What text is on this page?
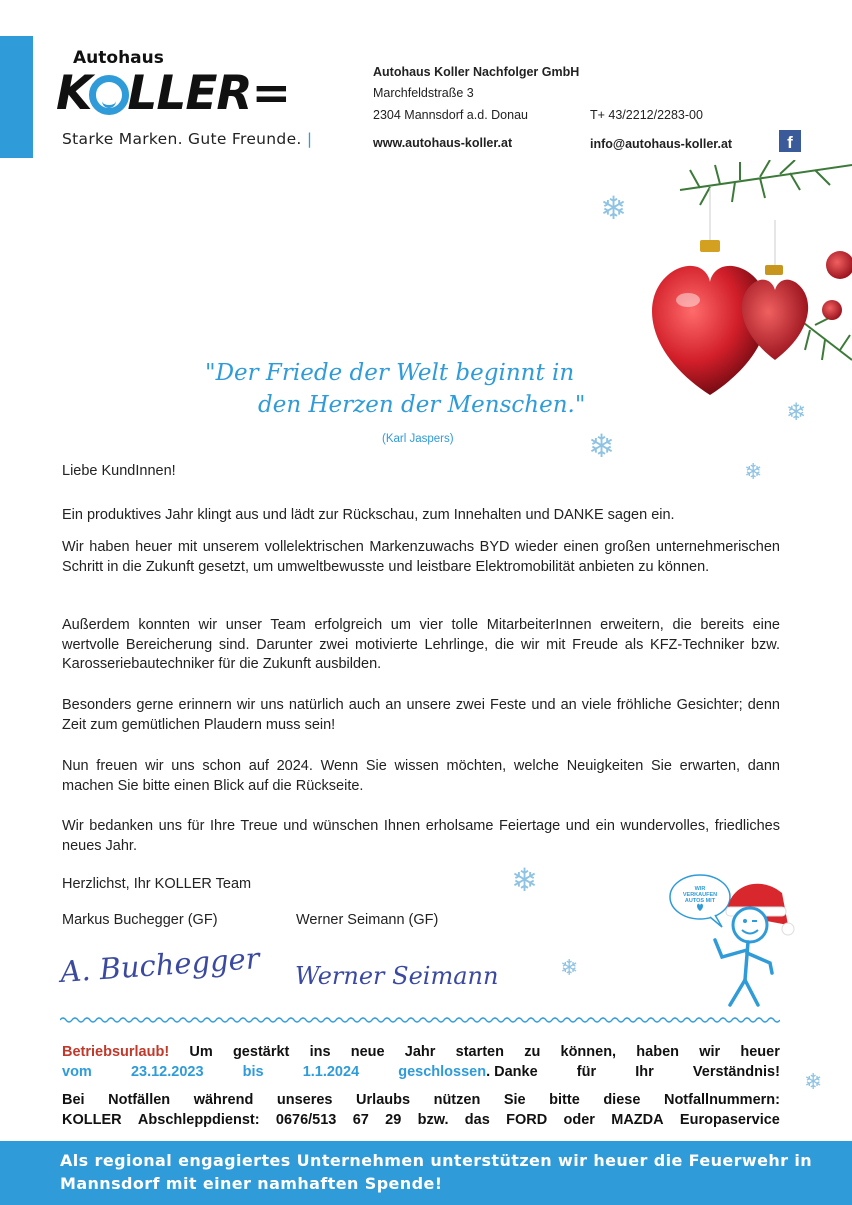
Autohaus
K LLER=
Starke Marken. Gute Freunde. |
Autohaus Koller Nachfolger GmbH
Marchfeldstraße 3
2304 Mannsdorf a.d. Donau	T+ 43/2212/2283-00
www.autohaus-koller.at	info@autohaus-koller.at	f
❄
❄
❄
❄
❄
❄
❄
"Der Friede der Welt beginnt in
den Herzen der Menschen."
(Karl Jaspers)

Liebe KundInnen!

Ein produktives Jahr klingt aus und lädt zur Rückschau, zum Innehalten und DANKE sagen ein.

Wir haben heuer mit unserem vollelektrischen Markenzuwachs BYD wieder einen großen unternehmerischen Schritt in die Zukunft gesetzt, um umweltbewusste und leistbare Elektromobilität anbieten zu können.

Außerdem konnten wir unser Team erfolgreich um vier tolle MitarbeiterInnen erweitern, die bereits eine wertvolle Bereicherung sind. Darunter zwei motivierte Lehrlinge, die wir mit Freude als KFZ-Techniker bzw. Karosseriebautechniker für die Zukunft ausbilden.

Besonders gerne erinnern wir uns natürlich auch an unsere zwei Feste und an viele fröhliche Gesichter; denn Zeit zum gemütlichen Plaudern muss sein!

Nun freuen wir uns schon auf 2024. Wenn Sie wissen möchten, welche Neuigkeiten Sie erwarten, dann machen Sie bitte einen Blick auf die Rückseite.

Wir bedanken uns für Ihre Treue und wünschen Ihnen erholsame Feiertage und ein wundervolles, friedliches neues Jahr.

Herzlichst, Ihr KOLLER Team

Markus Buchegger (GF)	Werner Seimann (GF)
A. Buchegger Werner Seimann
WIR VERKAUFEN AUTOS MIT
Betriebsurlaub! Um gestärkt ins neue Jahr starten zu können, haben wir heuer
vom	23.12.2023	bis	1.1.2024	geschlossen. Danke	für	Ihr	Verständnis!
Bei Notfällen während unseres Urlaubs nützen Sie bitte diese Notfallnummern:
KOLLER Abschleppdienst: 0676/513 67 29 bzw. das FORD oder MAZDA Europaservice
Als regional engagiertes Unternehmen unterstützen wir heuer die Feuerwehr in
Mannsdorf mit einer namhaften Spende!
